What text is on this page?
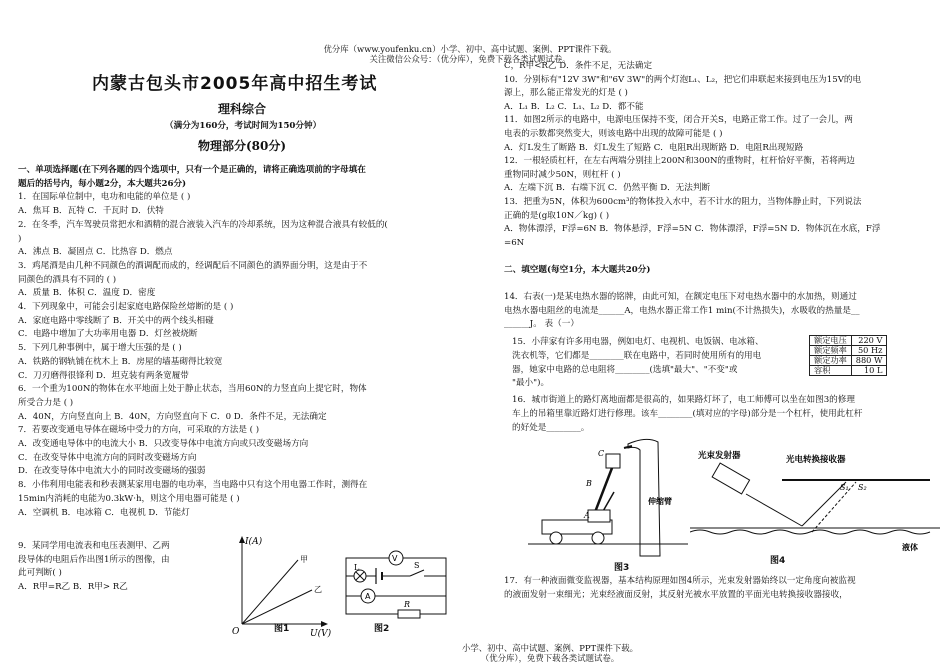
优分库（www.youfenku.cn）小学、初中、高中试题、案例、PPT课件下载。
关注微信公众号：（优分库），免费下载各类试题试卷。
小学、初中、高中试题、案例、PPT课件下载。
（优分库），免费下载各类试题试卷。
内蒙古包头市2005年高中招生考试
理科综合
（满分为160分，考试时间为150分钟）
物理部分(80分)
一、单项选择题(在下列各题的四个选项中，只有一个是正确的，请将正确选项前的字母填在
题后的括号内，每小题2分，本大题共26分)
1．在国际单位制中，电功和电能的单位是 ( )
A．焦耳 B．瓦特 C．千瓦时 D．伏特
2．在冬季，汽车驾驶员常把水和酒精的混合液装入汽车的冷却系统，因为这种混合液具有较低的(
)
A．沸点 B．凝固点 C．比热容 D．燃点
3．鸡尾酒是由几种不同颜色的酒调配而成的，经调配后不同颜色的酒界面分明，这是由于不
同颜色的酒具有不同的 ( )
A．质量 B．体积 C．温度 D．密度
4．下列现象中，可能会引起家庭电路保险丝熔断的是 ( )
A．家庭电路中零线断了 B．开关中的两个线头相碰
C．电路中增加了大功率用电器 D．灯丝被烧断
5．下列几种事例中，属于增大压强的是 ( )
A．铁路的钢轨铺在枕木上 B．房屋的墙基砌得比较宽
C．刀刃磨得很锋利 D．坦克装有两条宽履带
6．一个重为100N的物体在水平地面上处于静止状态，当用60N的力竖直向上提它时，物体
所受合力是 ( )
A．40N，方向竖直向上 B．40N，方向竖直向下 C．0 D．条件不足，无法确定
7．若要改变通电导体在磁场中受力的方向，可采取的方法是 ( )
A．改变通电导体中的电流大小 B．只改变导体中电流方向或只改变磁场方向
C．在改变导体中电流方向的同时改变磁场方向
D．在改变导体中电流大小的同时改变磁场的强弱
8．小伟利用电能表和秒表测某家用电器的电功率，当电路中只有这个用电器工作时，测得在
15min内消耗的电能为0.3kW·h，则这个用电器可能是 ( )
A．空调机 B．电冰箱 C．电视机 D．节能灯
9．某同学用电流表和电压表测甲、乙两
段导体的电阻后作出图1所示的图像，由
此可判断( )
A．R甲=R乙 B．R甲> R乙
I(A)
U(V)
O
甲
乙
图1
V
L	S
A
R
图2
C，R甲<R乙 D．条件不足，无法确定
10．分别标有"12V 3W"和"6V 3W"的两个灯泡L₁、L₂，把它们串联起来接到电压为15V的电
源上，那么能正常发光的灯是 ( )
A．L₁ B．L₂ C．L₁、L₂ D．都不能
11．如图2所示的电路中，电源电压保持不变，闭合开关S，电路正常工作。过了一会儿，两
电表的示数都突然变大，则该电路中出现的故障可能是 ( )
A．灯L发生了断路 B．灯L发生了短路 C．电阻R出现断路 D．电阻R出现短路
12．一根轻质杠杆，在左右两端分别挂上200N和300N的重物时，杠杆恰好平衡，若将两边
重物同时减少50N，则杠杆 ( )
A．左端下沉 B．右端下沉 C．仍然平衡 D．无法判断
13．把重为5N，体积为600cm³的物体投入水中，若不计水的阻力，当物体静止时，下列说法
正确的是(g取10N／kg) ( )
A．物体漂浮，F浮=6N B．物体悬浮，F浮=5N C．物体漂浮，F浮=5N D．物体沉在水底，F浮
=6N

二、填空题(每空1分，本大题共20分)

14．右表(一)是某电热水器的铭牌，由此可知，在额定电压下对电热水器中的水加热，则通过
电热水器电阻丝的电流是______A，电热水器正常工作1 min(不计热损失)，水吸收的热量是__
______J。 表（一）
15．小萍家有许多用电器，例如电灯、电视机、电饭锅、电冰箱、
洗衣机等，它们都是________联在电路中，若同时使用所有的用电
器，她家中电路的总电阻将________(选填"最大"、"不变"或
"最小")。
额定电压	220 V
额定频率	50 Hz
额定功率	880 W
容积	10 L
16．城市街道上的路灯离地面都是很高的，如果路灯坏了，电工师傅可以坐在如图3的修理
车上的吊箱里靠近路灯进行修理。该车________(填对应的字母)部分是一个杠杆，使用此杠杆
的好处是________。
C
B
A
伸缩臂
图3
光束发射器	光电转换接收器
S₁ S₂
液体
图4
17．有一种液面微变监视器，基本结构原理如图4所示，光束发射器始终以一定角度向被监视
的液面发射一束细光；光束经液面反射，其反射光被水平放置的平面光电转换接收器接收，
